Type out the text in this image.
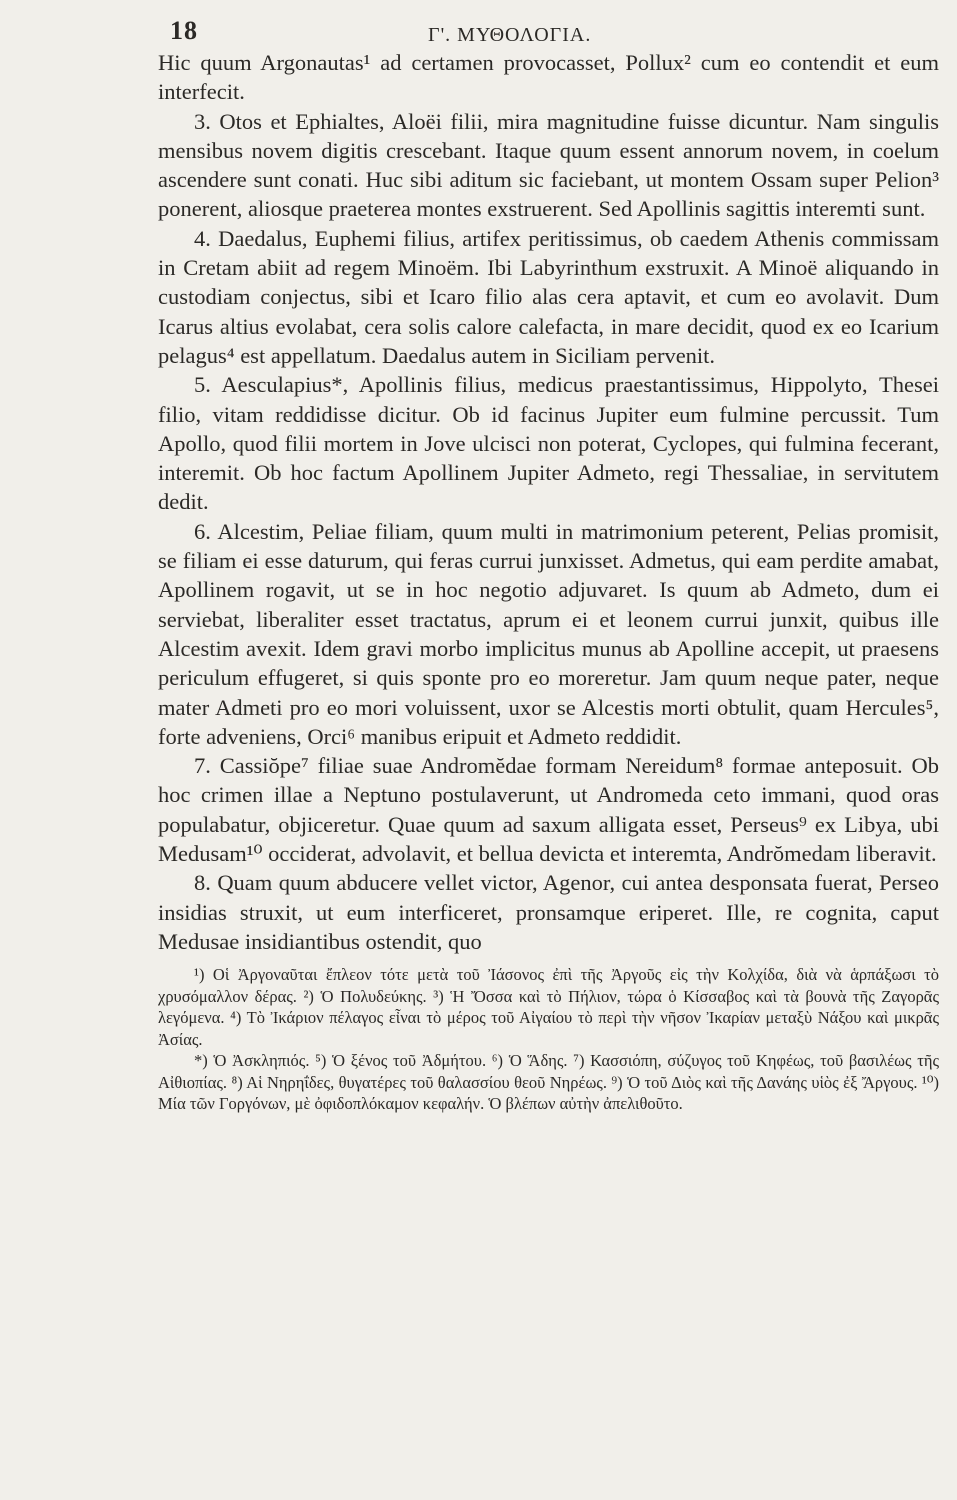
18	Γ'. ΜΥΘΟΛΟΓΙΑ.

Hic quum Argonautas¹ ad certamen provocasset, Pollux² cum eo contendit et eum interfecit.

3. Otos et Ephialtes, Aloëi filii, mira magnitudine fuisse dicuntur. Nam singulis mensibus novem digitis crescebant. Itaque quum essent annorum novem, in coelum ascendere sunt conati. Huc sibi aditum sic faciebant, ut montem Ossam super Pelion³ ponerent, aliosque praeterea montes exstruerent. Sed Apollinis sagittis interemti sunt.

4. Daedalus, Euphemi filius, artifex peritissimus, ob caedem Athenis commissam in Cretam abiit ad regem Minoëm. Ibi Labyrinthum exstruxit. A Minoë aliquando in custodiam conjectus, sibi et Icaro filio alas cera aptavit, et cum eo avolavit. Dum Icarus altius evolabat, cera solis calore calefacta, in mare decidit, quod ex eo Icarium pelagus⁴ est appellatum. Daedalus autem in Siciliam pervenit.

5. Aesculapius*, Apollinis filius, medicus praestantissimus, Hippolyto, Thesei filio, vitam reddidisse dicitur. Ob id facinus Jupiter eum fulmine percussit. Tum Apollo, quod filii mortem in Jove ulcisci non poterat, Cyclopes, qui fulmina fecerant, interemit. Ob hoc factum Apollinem Jupiter Admeto, regi Thessaliae, in servitutem dedit.

6. Alcestim, Peliae filiam, quum multi in matrimonium peterent, Pelias promisit, se filiam ei esse daturum, qui feras currui junxisset. Admetus, qui eam perdite amabat, Apollinem rogavit, ut se in hoc negotio adjuvaret. Is quum ab Admeto, dum ei serviebat, liberaliter esset tractatus, aprum ei et leonem currui junxit, quibus ille Alcestim avexit. Idem gravi morbo implicitus munus ab Apolline accepit, ut praesens periculum effugeret, si quis sponte pro eo moreretur. Jam quum neque pater, neque mater Admeti pro eo mori voluissent, uxor se Alcestis morti obtulit, quam Hercules⁵, forte adveniens, Orci⁶ manibus eripuit et Admeto reddidit.

7. Cassiŏpe⁷ filiae suae Andromĕdae formam Nereidum⁸ formae anteposuit. Ob hoc crimen illae a Neptuno postulaverunt, ut Andromeda ceto immani, quod oras populabatur, objiceretur. Quae quum ad saxum alligata esset, Perseus⁹ ex Libya, ubi Medusam¹⁰ occiderat, advolavit, et bellua devicta et interemta, Andrŏmedam liberavit.

8. Quam quum abducere vellet victor, Agenor, cui antea desponsata fuerat, Perseo insidias struxit, ut eum interficeret, pronsamque eriperet. Ille, re cognita, caput Medusae insidiantibus ostendit, quo

¹) Οἱ Ἀργοναῦται ἔπλεον τότε μετὰ τοῦ Ἰάσονος ἐπὶ τῆς Ἀργοῦς εἰς τὴν Κολχίδα, διὰ νὰ ἁρπάξωσι τὸ χρυσόμαλλον δέρας. ²) Ὁ Πολυδεύκης. ³) Ἡ Ὄσσα καὶ τὸ Πήλιον, τώρα ὁ Κίσσαβος καὶ τὰ βουνὰ τῆς Ζαγορᾶς λεγόμενα. ⁴) Τὸ Ἰκάριον πέλαγος εἶναι τὸ μέρος τοῦ Αἰγαίου τὸ περὶ τὴν νῆσον Ἰκαρίαν μεταξὺ Νάξου καὶ μικρᾶς Ἀσίας.

*) Ὁ Ἀσκληπιός. ⁵) Ὁ ξένος τοῦ Ἀδμήτου. ⁶) Ὁ Ἅδης. ⁷) Κασσιόπη, σύζυγος τοῦ Κηφέως, τοῦ βασιλέως τῆς Αἰθιοπίας. ⁸) Αἱ Νηρηΐδες, θυγατέρες τοῦ θαλασσίου θεοῦ Νηρέως. ⁹) Ὁ τοῦ Διὸς καὶ τῆς Δανάης υἱὸς ἐξ Ἄργους. ¹⁰) Μία τῶν Γοργόνων, μὲ ὀφιδοπλόκαμον κεφαλήν. Ὁ βλέπων αὐτὴν ἀπελιθοῦτο.
